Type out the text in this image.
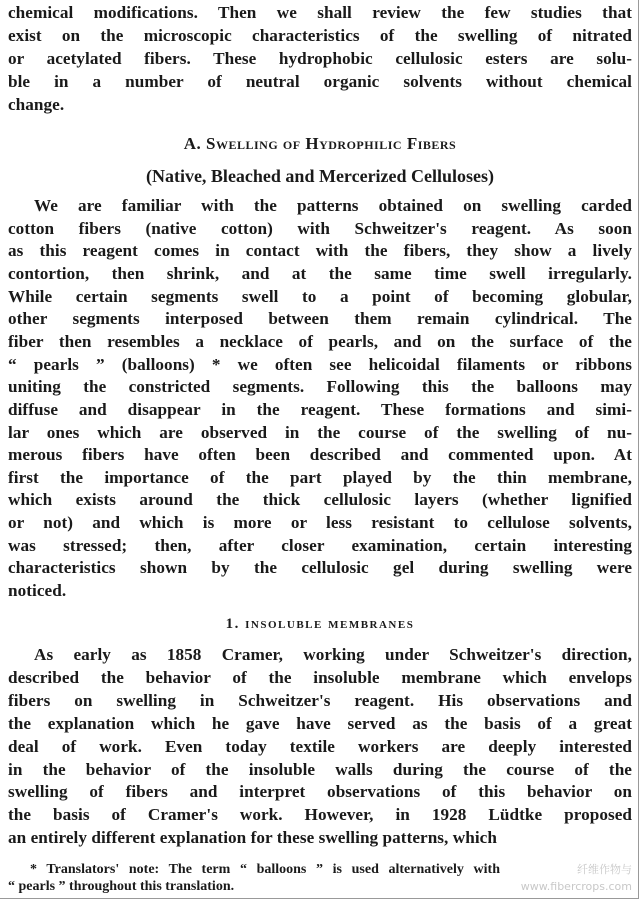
chemical modifications. Then we shall review the few studies that
exist on the microscopic characteristics of the swelling of nitrated
or acetylated fibers. These hydrophobic cellulosic esters are solu-
ble in a number of neutral organic solvents without chemical
change.
A. Swelling of Hydrophilic Fibers
(Native, Bleached and Mercerized Celluloses)
We are familiar with the patterns obtained on swelling carded
cotton fibers (native cotton) with Schweitzer's reagent. As soon
as this reagent comes in contact with the fibers, they show a lively
contortion, then shrink, and at the same time swell irregularly.
While certain segments swell to a point of becoming globular,
other segments interposed between them remain cylindrical. The
fiber then resembles a necklace of pearls, and on the surface of the
“ pearls ” (balloons) * we often see helicoidal filaments or ribbons
uniting the constricted segments. Following this the balloons may
diffuse and disappear in the reagent. These formations and simi-
lar ones which are observed in the course of the swelling of nu-
merous fibers have often been described and commented upon. At
first the importance of the part played by the thin membrane,
which exists around the thick cellulosic layers (whether lignified
or not) and which is more or less resistant to cellulose solvents,
was stressed; then, after closer examination, certain interesting
characteristics shown by the cellulosic gel during swelling were
noticed.
1. insoluble membranes
As early as 1858 Cramer, working under Schweitzer's direction,
described the behavior of the insoluble membrane which envelops
fibers on swelling in Schweitzer's reagent. His observations and
the explanation which he gave have served as the basis of a great
deal of work. Even today textile workers are deeply interested
in the behavior of the insoluble walls during the course of the
swelling of fibers and interpret observations of this behavior on
the basis of Cramer's work. However, in 1928 Lüdtke proposed
an entirely different explanation for these swelling patterns, which
* Translators' note: The term “ balloons ” is used alternatively with
“ pearls ” throughout this translation.
纤维作物与
www.fibercrops.com
